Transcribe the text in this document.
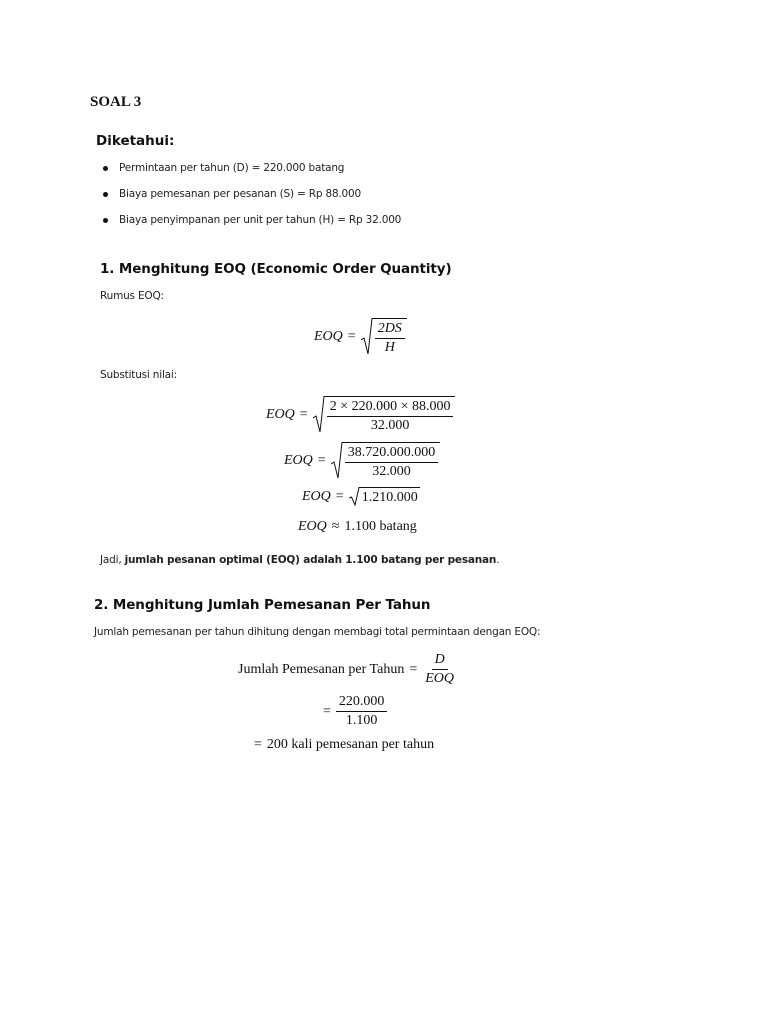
SOAL 3
Diketahui:
Permintaan per tahun (D) = 220.000 batang
Biaya pemesanan per pesanan (S) = Rp 88.000
Biaya penyimpanan per unit per tahun (H) = Rp 32.000
1. Menghitung EOQ (Economic Order Quantity)
Rumus EOQ:
EOQ = $\frac{2DS}{H}$
Substitusi nilai:
EOQ = $\frac{2 \times 220.000 \times 88.000}{32.000}$
EOQ = $\frac{38.720.000.000}{32.000}$
EOQ = 1.210.000
EOQ ≈ 1.100 batang
Jadi, jumlah pesanan optimal (EOQ) adalah 1.100 batang per pesanan.
2. Menghitung Jumlah Pemesanan Per Tahun
Jumlah pemesanan per tahun dihitung dengan membagi total permintaan dengan EOQ:
Jumlah Pemesanan per Tahun = $\frac{D}{\text{EOQ}}$
= $\frac{220.000}{1.100}$
= 200 kali pemesanan per tahun
